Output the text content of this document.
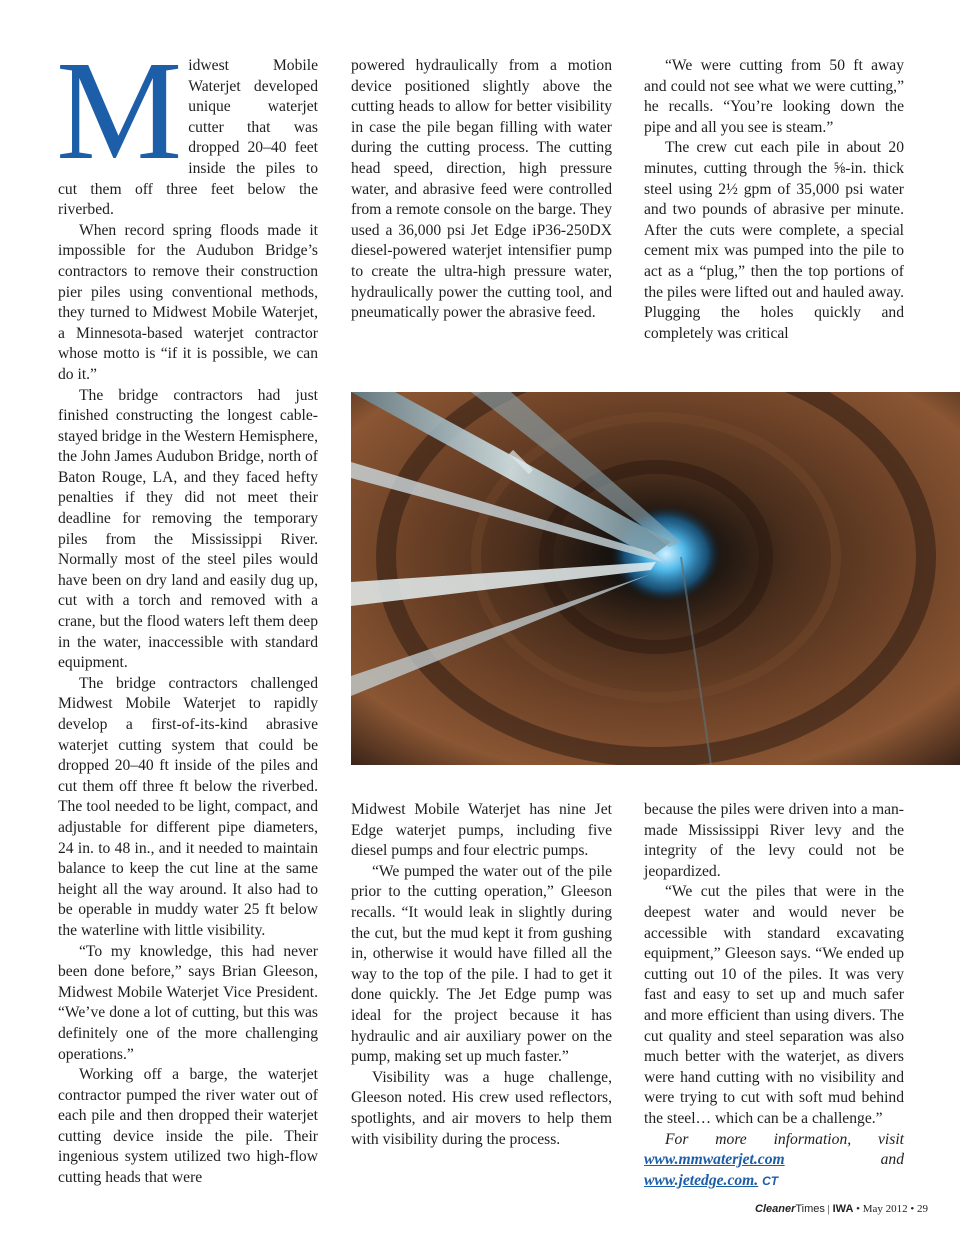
Midwest Mobile Waterjet developed unique waterjet cutter that was dropped 20–40 feet inside the piles to cut them off three feet below the riverbed.

When record spring floods made it impossible for the Audubon Bridge’s contractors to remove their construction pier piles using conventional methods, they turned to Midwest Mobile Waterjet, a Minnesota-based waterjet contractor whose motto is “if it is possible, we can do it.”

The bridge contractors had just finished constructing the longest cable-stayed bridge in the Western Hemisphere, the John James Audubon Bridge, north of Baton Rouge, LA, and they faced hefty penalties if they did not meet their deadline for removing the temporary piles from the Mississippi River. Normally most of the steel piles would have been on dry land and easily dug up, cut with a torch and removed with a crane, but the flood waters left them deep in the water, inaccessible with standard equipment.

The bridge contractors challenged Midwest Mobile Waterjet to rapidly develop a first-of-its-kind abrasive waterjet cutting system that could be dropped 20–40 ft inside of the piles and cut them off three ft below the riverbed. The tool needed to be light, compact, and adjustable for different pipe diameters, 24 in. to 48 in., and it needed to maintain balance to keep the cut line at the same height all the way around. It also had to be operable in muddy water 25 ft below the waterline with little visibility.

“To my knowledge, this had never been done before,” says Brian Gleeson, Midwest Mobile Waterjet Vice President. “We’ve done a lot of cutting, but this was definitely one of the more challenging operations.”

Working off a barge, the waterjet contractor pumped the river water out of each pile and then dropped their waterjet cutting device inside the pile. Their ingenious system utilized two high-flow cutting heads that were

powered hydraulically from a motion device positioned slightly above the cutting heads to allow for better visibility in case the pile began filling with water during the cutting process. The cutting head speed, direction, high pressure water, and abrasive feed were controlled from a remote console on the barge. They used a 36,000 psi Jet Edge iP36-250DX diesel-powered waterjet intensifier pump to create the ultra-high pressure water, hydraulically power the cutting tool, and pneumatically power the abrasive feed.

“We were cutting from 50 ft away and could not see what we were cutting,” he recalls. “You’re looking down the pipe and all you see is steam.”

The crew cut each pile in about 20 minutes, cutting through the ⅝-in. thick steel using 2½ gpm of 35,000 psi water and two pounds of abrasive per minute. After the cuts were complete, a special cement mix was pumped into the pile to act as a “plug,” then the top portions of the piles were lifted out and hauled away. Plugging the holes quickly and completely was critical

Midwest Mobile Waterjet has nine Jet Edge waterjet pumps, including five diesel pumps and four electric pumps.

“We pumped the water out of the pile prior to the cutting operation,” Gleeson recalls. “It would leak in slightly during the cut, but the mud kept it from gushing in, otherwise it would have filled all the way to the top of the pile. I had to get it done quickly. The Jet Edge pump was ideal for the project because it has hydraulic and air auxiliary power on the pump, making set up much faster.”

Visibility was a huge challenge, Gleeson noted. His crew used reflectors, spotlights, and air movers to help them with visibility during the process.

because the piles were driven into a man-made Mississippi River levy and the integrity of the levy could not be jeopardized.

“We cut the piles that were in the deepest water and would never be accessible with standard excavating equipment,” Gleeson says. “We ended up cutting out 10 of the piles. It was very fast and easy to set up and much safer and more efficient than using divers. The cut quality and steel separation was also much better with the waterjet, as divers were hand cutting with no visibility and were trying to cut with soft mud behind the steel… which can be a challenge.”

For more information, visit www.mmwaterjet.com and www.jetedge.com. CT

CleanerTimes | IWA • May 2012 • 29
